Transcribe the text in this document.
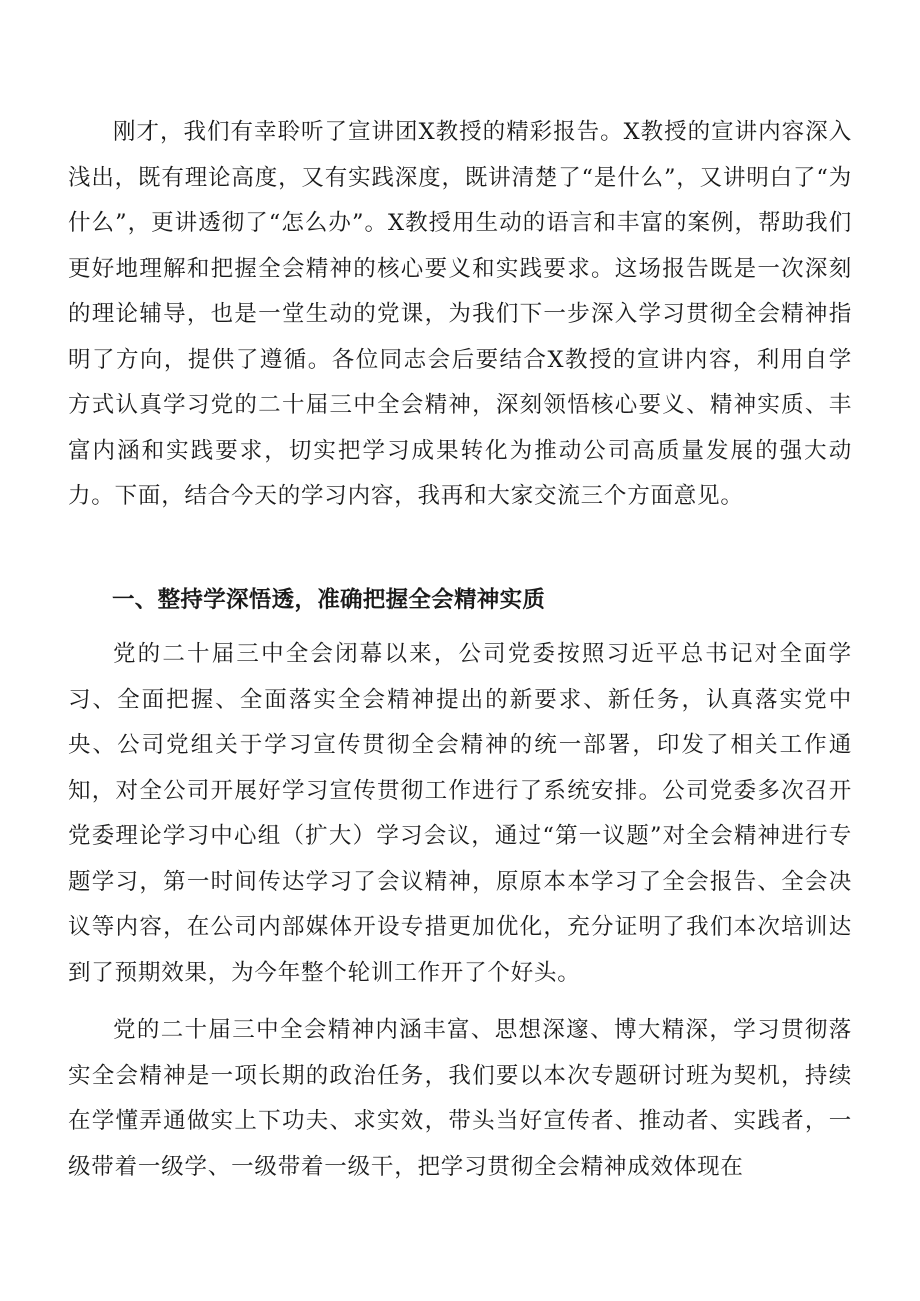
刚才，我们有幸聆听了宣讲团X教授的精彩报告。X教授的宣讲内容深入浅出，既有理论高度，又有实践深度，既讲清楚了“是什么”，又讲明白了“为什么”，更讲透彻了“怎么办”。X教授用生动的语言和丰富的案例，帮助我们更好地理解和把握全会精神的核心要义和实践要求。这场报告既是一次深刻的理论辅导，也是一堂生动的党课，为我们下一步深入学习贯彻全会精神指明了方向，提供了遵循。各位同志会后要结合X教授的宣讲内容，利用自学方式认真学习党的二十届三中全会精神，深刻领悟核心要义、精神实质、丰富内涵和实践要求，切实把学习成果转化为推动公司高质量发展的强大动力。下面，结合今天的学习内容，我再和大家交流三个方面意见。

一、整持学深悟透，准确把握全会精神实质

党的二十届三中全会闭幕以来，公司党委按照习近平总书记对全面学习、全面把握、全面落实全会精神提出的新要求、新任务，认真落实党中央、公司党组关于学习宣传贯彻全会精神的统一部署，印发了相关工作通知，对全公司开展好学习宣传贯彻工作进行了系统安排。公司党委多次召开党委理论学习中心组（扩大）学习会议，通过“第一议题”对全会精神进行专题学习，第一时间传达学习了会议精神，原原本本学习了全会报告、全会决议等内容，在公司内部媒体开设专措更加优化，充分证明了我们本次培训达到了预期效果，为今年整个轮训工作开了个好头。

党的二十届三中全会精神内涵丰富、思想深邃、博大精深，学习贯彻落实全会精神是一项长期的政治任务，我们要以本次专题研讨班为契机，持续在学懂弄通做实上下功夫、求实效，带头当好宣传者、推动者、实践者，一级带着一级学、一级带着一级干，把学习贯彻全会精神成效体现在
